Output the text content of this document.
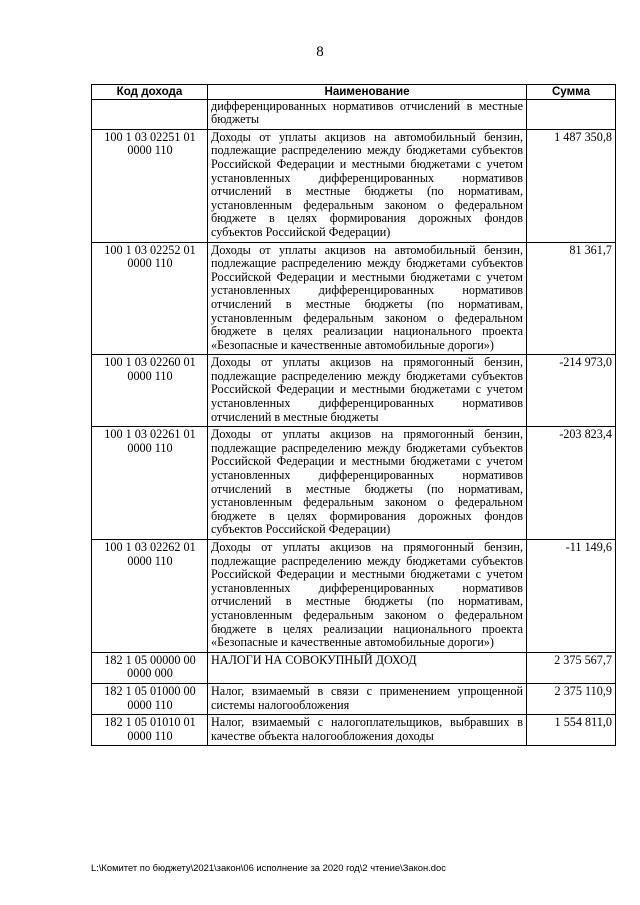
8
Код дохода	Наименование	Сумма
	дифференцированных нормативов отчислений в местные бюджеты	
100 1 03 02251 01 0000 110	Доходы от уплаты акцизов на автомобильный бензин, подлежащие распределению между бюджетами субъектов Российской Федерации и местными бюджетами с учетом установленных дифференцированных нормативов отчислений в местные бюджеты (по нормативам, установленным федеральным законом о федеральном бюджете в целях формирования дорожных фондов субъектов Российской Федерации)	1 487 350,8
100 1 03 02252 01 0000 110	Доходы от уплаты акцизов на автомобильный бензин, подлежащие распределению между бюджетами субъектов Российской Федерации и местными бюджетами с учетом установленных дифференцированных нормативов отчислений в местные бюджеты (по нормативам, установленным федеральным законом о федеральном бюджете в целях реализации национального проекта «Безопасные и качественные автомобильные дороги»)	81 361,7
100 1 03 02260 01 0000 110	Доходы от уплаты акцизов на прямогонный бензин, подлежащие распределению между бюджетами субъектов Российской Федерации и местными бюджетами с учетом установленных дифференцированных нормативов отчислений в местные бюджеты	-214 973,0
100 1 03 02261 01 0000 110	Доходы от уплаты акцизов на прямогонный бензин, подлежащие распределению между бюджетами субъектов Российской Федерации и местными бюджетами с учетом установленных дифференцированных нормативов отчислений в местные бюджеты (по нормативам, установленным федеральным законом о федеральном бюджете в целях формирования дорожных фондов субъектов Российской Федерации)	-203 823,4
100 1 03 02262 01 0000 110	Доходы от уплаты акцизов на прямогонный бензин, подлежащие распределению между бюджетами субъектов Российской Федерации и местными бюджетами с учетом установленных дифференцированных нормативов отчислений в местные бюджеты (по нормативам, установленным федеральным законом о федеральном бюджете в целях реализации национального проекта «Безопасные и качественные автомобильные дороги»)	-11 149,6
182 1 05 00000 00 0000 000	НАЛОГИ НА СОВОКУПНЫЙ ДОХОД	2 375 567,7
182 1 05 01000 00 0000 110	Налог, взимаемый в связи с применением упрощенной системы налогообложения	2 375 110,9
182 1 05 01010 01 0000 110	Налог, взимаемый с налогоплательщиков, выбравших в качестве объекта налогообложения доходы	1 554 811,0
L:\Комитет по бюджету\2021\закон\06 исполнение за 2020 год\2 чтение\Закон.doc
